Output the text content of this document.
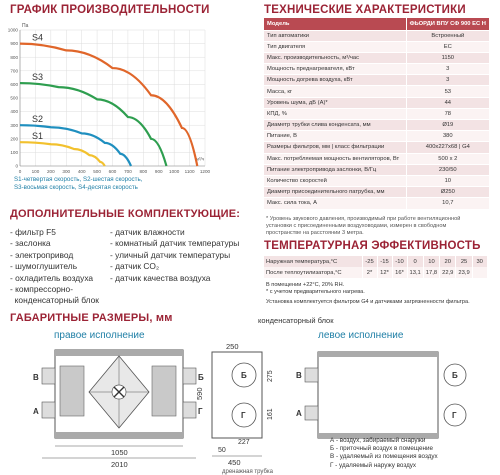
ГРАФИК ПРОИЗВОДИТЕЛЬНОСТИ
0 100 200 300 400 500 600 700 800 900 1000 1100 1200
0
100
200
300
400
500
600
700
800
900
1000
Па
м³/ч
S1
S2
S3
S4
S1-четвертая скорость, S2-шестая скорость,
S3-восьмая скорость, S4-десятая скорость
ДОПОЛНИТЕЛЬНЫЕ КОМПЛЕКТУЮЩИЕ:
- фильтр F5
- заслонка
- электропривод
- шумоглушитель
- охладитель воздуха
- компрессорно-
конденсаторный блок
- датчик влажности
- комнатный датчик температуры
- уличный датчик температуры
- датчик CO₂
- датчик качества воздуха
ТЕХНИЧЕСКИЕ ХАРАКТЕРИСТИКИ
Модель	ФЬОРДИ ВПУ СФ 900 ЕС Н
Тип автоматики	Встроенный
Тип двигателя	EC
Макс. производительность, м³/час	1150
Мощность преднагревателя, кВт	3
Мощность догрева воздуха, кВт	3
Масса, кг	53
Уровень шума, дБ (А)*	44
КПД, %	78
Диаметр трубки слива конденсата, мм	Ø19
Питание, В	380
Размеры фильтров, мм | класс фильтрации	400х227х68 | G4
Макс. потребляемая мощность вентиляторов, Вт	500 x 2
Питание электропривода заслонки, В/Гц	230/50
Количество скоростей	10
Диаметр присоединительного патрубка, мм	Ø250
Макс. сила тока, А	10,7
* Уровень звукового давления, производимый при работе вентиляционной
установки с присоединенными воздуховодами, измерен в свободном
пространстве на расстоянии 3 метра.
ТЕМПЕРАТУРНАЯ ЭФФЕКТИВНОСТЬ
Наружная температура,°С	-25	-15	-10	0	10	20	25	30
После теплоутилизатора,°С	2*	12*	16*	13,1	17,8	22,9	23,9	
В помещении +22°С, 20% RH.
* с учетом предварительного нагрева.
Установка комплектуется фильтром G4 и датчиками загрязненности фильтра.
ГАБАРИТНЫЕ РАЗМЕРЫ, мм	конденсаторный блок
правое исполнение	левое исполнение
В
А
Б
Г
1050
2010
Б
Г
250
590
275
161
227
50
450
дренажная трубка
Б
Г
В
А
А - воздух, забираемый снаружи
Б - приточный воздух в помещение
В - удаляемый из помещения воздух
Г - удаляемый наружу воздух
